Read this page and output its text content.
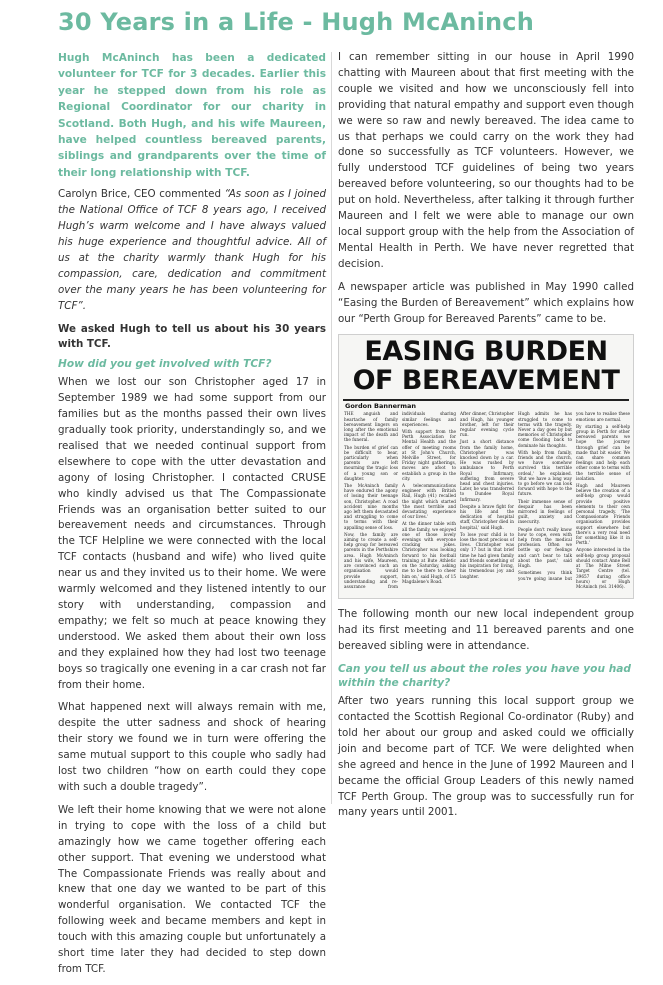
30 Years in a Life - Hugh McAninch

Hugh McAninch has been a dedicated volunteer for TCF for 3 decades. Earlier this year he stepped down from his role as Regional Coordinator for our charity in Scotland. Both Hugh, and his wife Maureen, have helped countless bereaved parents, siblings and grandparents over the time of their long relationship with TCF.

Carolyn Brice, CEO commented “As soon as I joined the National Office of TCF 8 years ago, I received Hugh’s warm welcome and I have always valued his huge experience and thoughtful advice. All of us at the charity warmly thank Hugh for his compassion, care, dedication and commitment over the many years he has been volunteering for TCF”.

We asked Hugh to tell us about his 30 years with TCF.

How did you get involved with TCF?

When we lost our son Christopher aged 17 in September 1989 we had some support from our families but as the months passed their own lives gradually took priority, understandingly so, and we realised that we needed continual support from elsewhere to cope with the utter devastation and agony of losing Christopher. I contacted CRUSE who kindly advised us that The Compassionate Friends was an organisation better suited to our bereavement needs and circumstances. Through the TCF Helpline we were connected with the local TCF contacts (husband and wife) who lived quite near us and they invited us to their home. We were warmly welcomed and they listened intently to our story with understanding, compassion and empathy; we felt so much at peace knowing they understood. We asked them about their own loss and they explained how they had lost two teenage boys so tragically one evening in a car crash not far from their home.

What happened next will always remain with me, despite the utter sadness and shock of hearing their story we found we in turn were offering the same mutual support to this couple who sadly had lost two children “how on earth could they cope with such a double tragedy”.

We left their home knowing that we were not alone in trying to cope with the loss of a child but amazingly how we came together offering each other support. That evening we understood what The Compassionate Friends was really about and knew that one day we wanted to be part of this wonderful organisation. We contacted TCF the following week and became members and kept in touch with this amazing couple but unfortunately a short time later they had decided to step down from TCF.

I can remember sitting in our house in April 1990 chatting with Maureen about that first meeting with the couple we visited and how we unconsciously fell into providing that natural empathy and support even though we were so raw and newly bereaved. The idea came to us that perhaps we could carry on the work they had done so successfully as TCF volunteers. However, we fully understood TCF guidelines of being two years bereaved before volunteering, so our thoughts had to be put on hold. Nevertheless, after talking it through further Maureen and I felt we were able to manage our own local support group with the help from the Association of Mental Health in Perth. We have never regretted that decision.

A newspaper article was published in May 1990 called “Easing the Burden of Bereavement” which explains how our “Perth Group for Bereaved Parents” came to be.

EASING BURDEN OF BEREAVEMENT
Gordon Bannerman

THE anguish and heartache of family bereavement lingers on long after the emotional impact of the death and the funeral.

The burden of grief can be difficult to bear, particularly when parents are left mourning the tragic loss of a young son or daughter.

The McAninch family have endured the agony of losing their teenage son, Christopher. A road accident nine months ago left them devastated and struggling to come to terms with their appalling sense of loss.

Now, the family are aiming to create a self-help group for bereaved parents in the Perthshire area. Hugh McAninch and his wife, Maureen, are convinced such an organisation would provide support, understanding and re-assurance from individuals sharing similar feelings and experiences.

With support from the Perth Association for Mental Health and the offer of meeting rooms at St John's Church, Melville Street, for Friday night gatherings, moves are afoot to establish a group in the city.

A telecommunications engineer with British Rail, Hugh (41) recalled the night which started 'the most terrible and devastating experience of our lives.'

At the dinner table with all the family, we enjoyed one of those lovely evenings with everyone cracking jokes. Christopher was looking forward to his football training at Bute Athletic on the Saturday, asking me to be there to cheer him on,' said Hugh, of 15 Magdalene's Road.

After dinner, Christopher and Hugh, his younger brother, left for their regular evening cycle run.

Just a short distance from the family home, Christopher was knocked down by a car. He was rushed by ambulance to Perth Royal Infirmary, suffering from severe head and chest injuries. Later, he was transferred to Dundee Royal Infirmary.

Despite a brave fight for his life and the dedication of hospital staff, Christopher died in hospital,' said Hugh.

To lose your child is to lose the most precious of lives. Christopher was only 17 but in that brief time he had given family and friends something of his inspiration for living, his tremendous joy and laughter.

Hugh admits he has struggled to come to terms with the tragedy. Never a day goes by but memories of Christopher come flooding back to dominate his thoughts.

With help from family, friends and the church, we have somehow survived this terrible ordeal,' he explained. 'But we have a long way to go before we can look forward with hope to the future.

Their immense sense of despair has been mirrored in feelings of guilt, anxiety and insecurity.

People don't really know how to cope, even with help from the medical profession. Often we bottle up our feelings and can't bear to talk about the past,' said Hugh.

Sometimes you think you're going insane but you have to realise these emotions are normal.

By starting a self-help group in Perth for other bereaved parents we hope the journey through grief can be made that bit easier. We can share common feelings and help each other come to terms with the terrible sense of isolation.

Hugh and Maureen believe the creation of a self-help group would provide positive elements to their own personal tragedy. 'The Compassionate Friends organisation provides support elsewhere but there's a very real need for something like it in Perth.'

Anyone interested in the self-help group proposal should contact Anne Bell at The Milne Street Target Centre (tel. 39657 during office hours) or Hugh McAninch (tel. 31406).

The following month our new local independent group had its first meeting and 11 bereaved parents and one bereaved sibling were in attendance.

Can you tell us about the roles you have you had within the charity?

After two years running this local support group we contacted the Scottish Regional Co-ordinator (Ruby) and told her about our group and asked could we officially join and become part of TCF. We were delighted when she agreed and hence in the June of 1992 Maureen and I became the official Group Leaders of this newly named TCF Perth Group. The group was to successfully run for many years until 2001.
